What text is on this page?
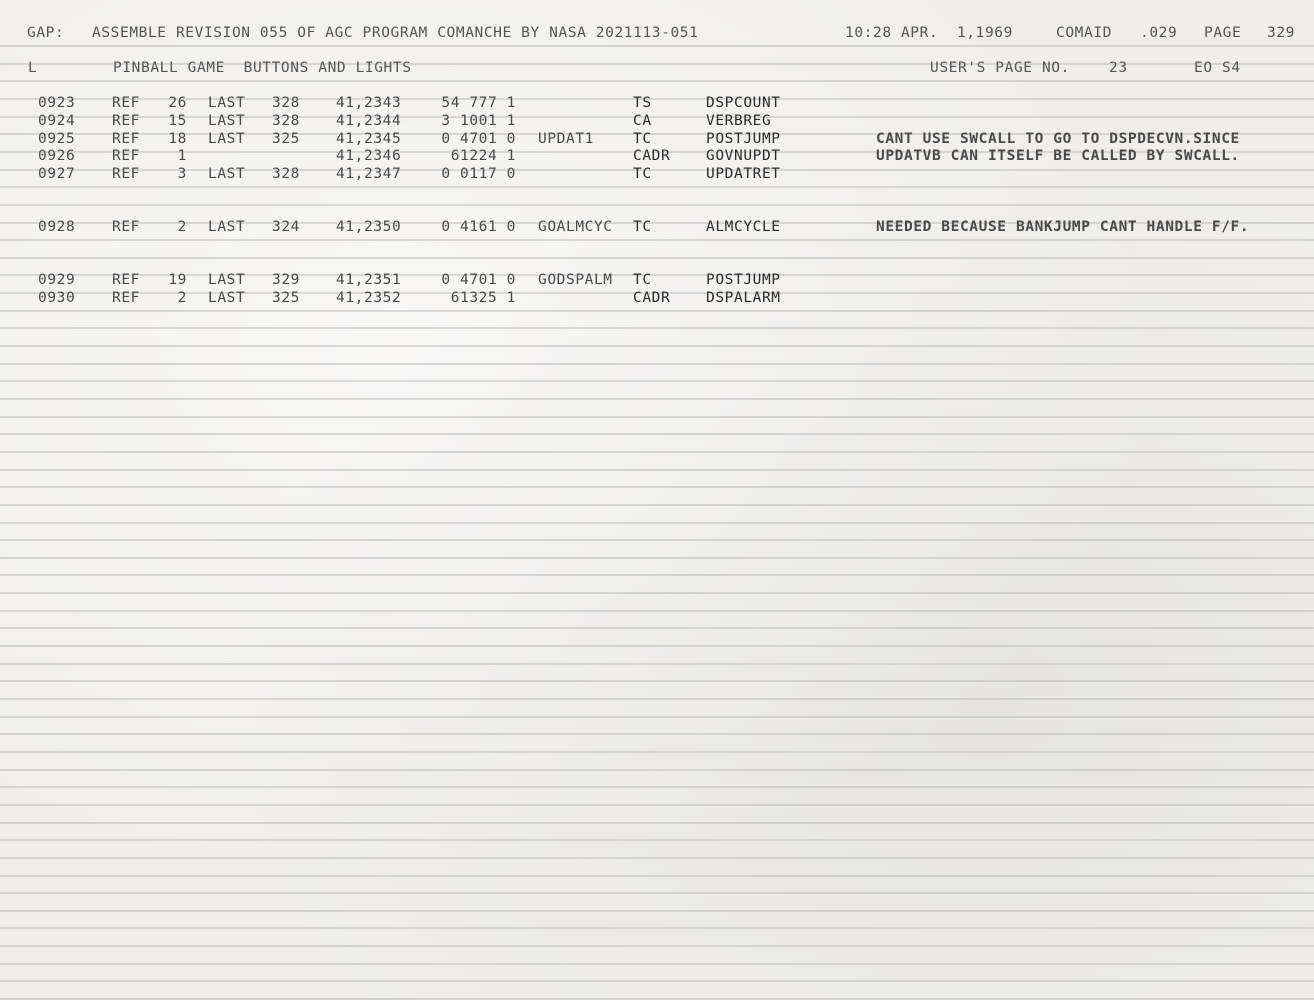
GAP: ASSEMBLE REVISION 055 OF AGC PROGRAM COMANCHE BY NASA 2021113-051	10:28 APR.  1,1969	COMAID .029 PAGE 329
L	PINBALL GAME  BUTTONS AND LIGHTS	USER'S PAGE NO.	23	EO S4
0923	REF 26 LAST 328 41,2343	54 777 1	TS	DSPCOUNT
0924	REF 15 LAST 328 41,2344	3 1001 1	CA	VERBREG
0925	REF 18 LAST 325 41,2345	0 4701 0 UPDAT1	TC	POSTJUMP	CANT USE SWCALL TO GO TO DSPDECVN.SINCE
0926	REF	1	41,2346	61224 1	CADR GOVNUPDT	UPDATVB CAN ITSELF BE CALLED BY SWCALL.
0927	REF	3 LAST 328 41,2347	0 0117 0	TC	UPDATRET
0928	REF	2 LAST 324 41,2350	0 4161 0 GOALMCYC TC	ALMCYCLE	NEEDED BECAUSE BANKJUMP CANT HANDLE F/F.
0929	REF 19 LAST 329 41,2351	0 4701 0 GODSPALM TC	POSTJUMP
0930	REF	2 LAST 325 41,2352	61325 1	CADR DSPALARM
